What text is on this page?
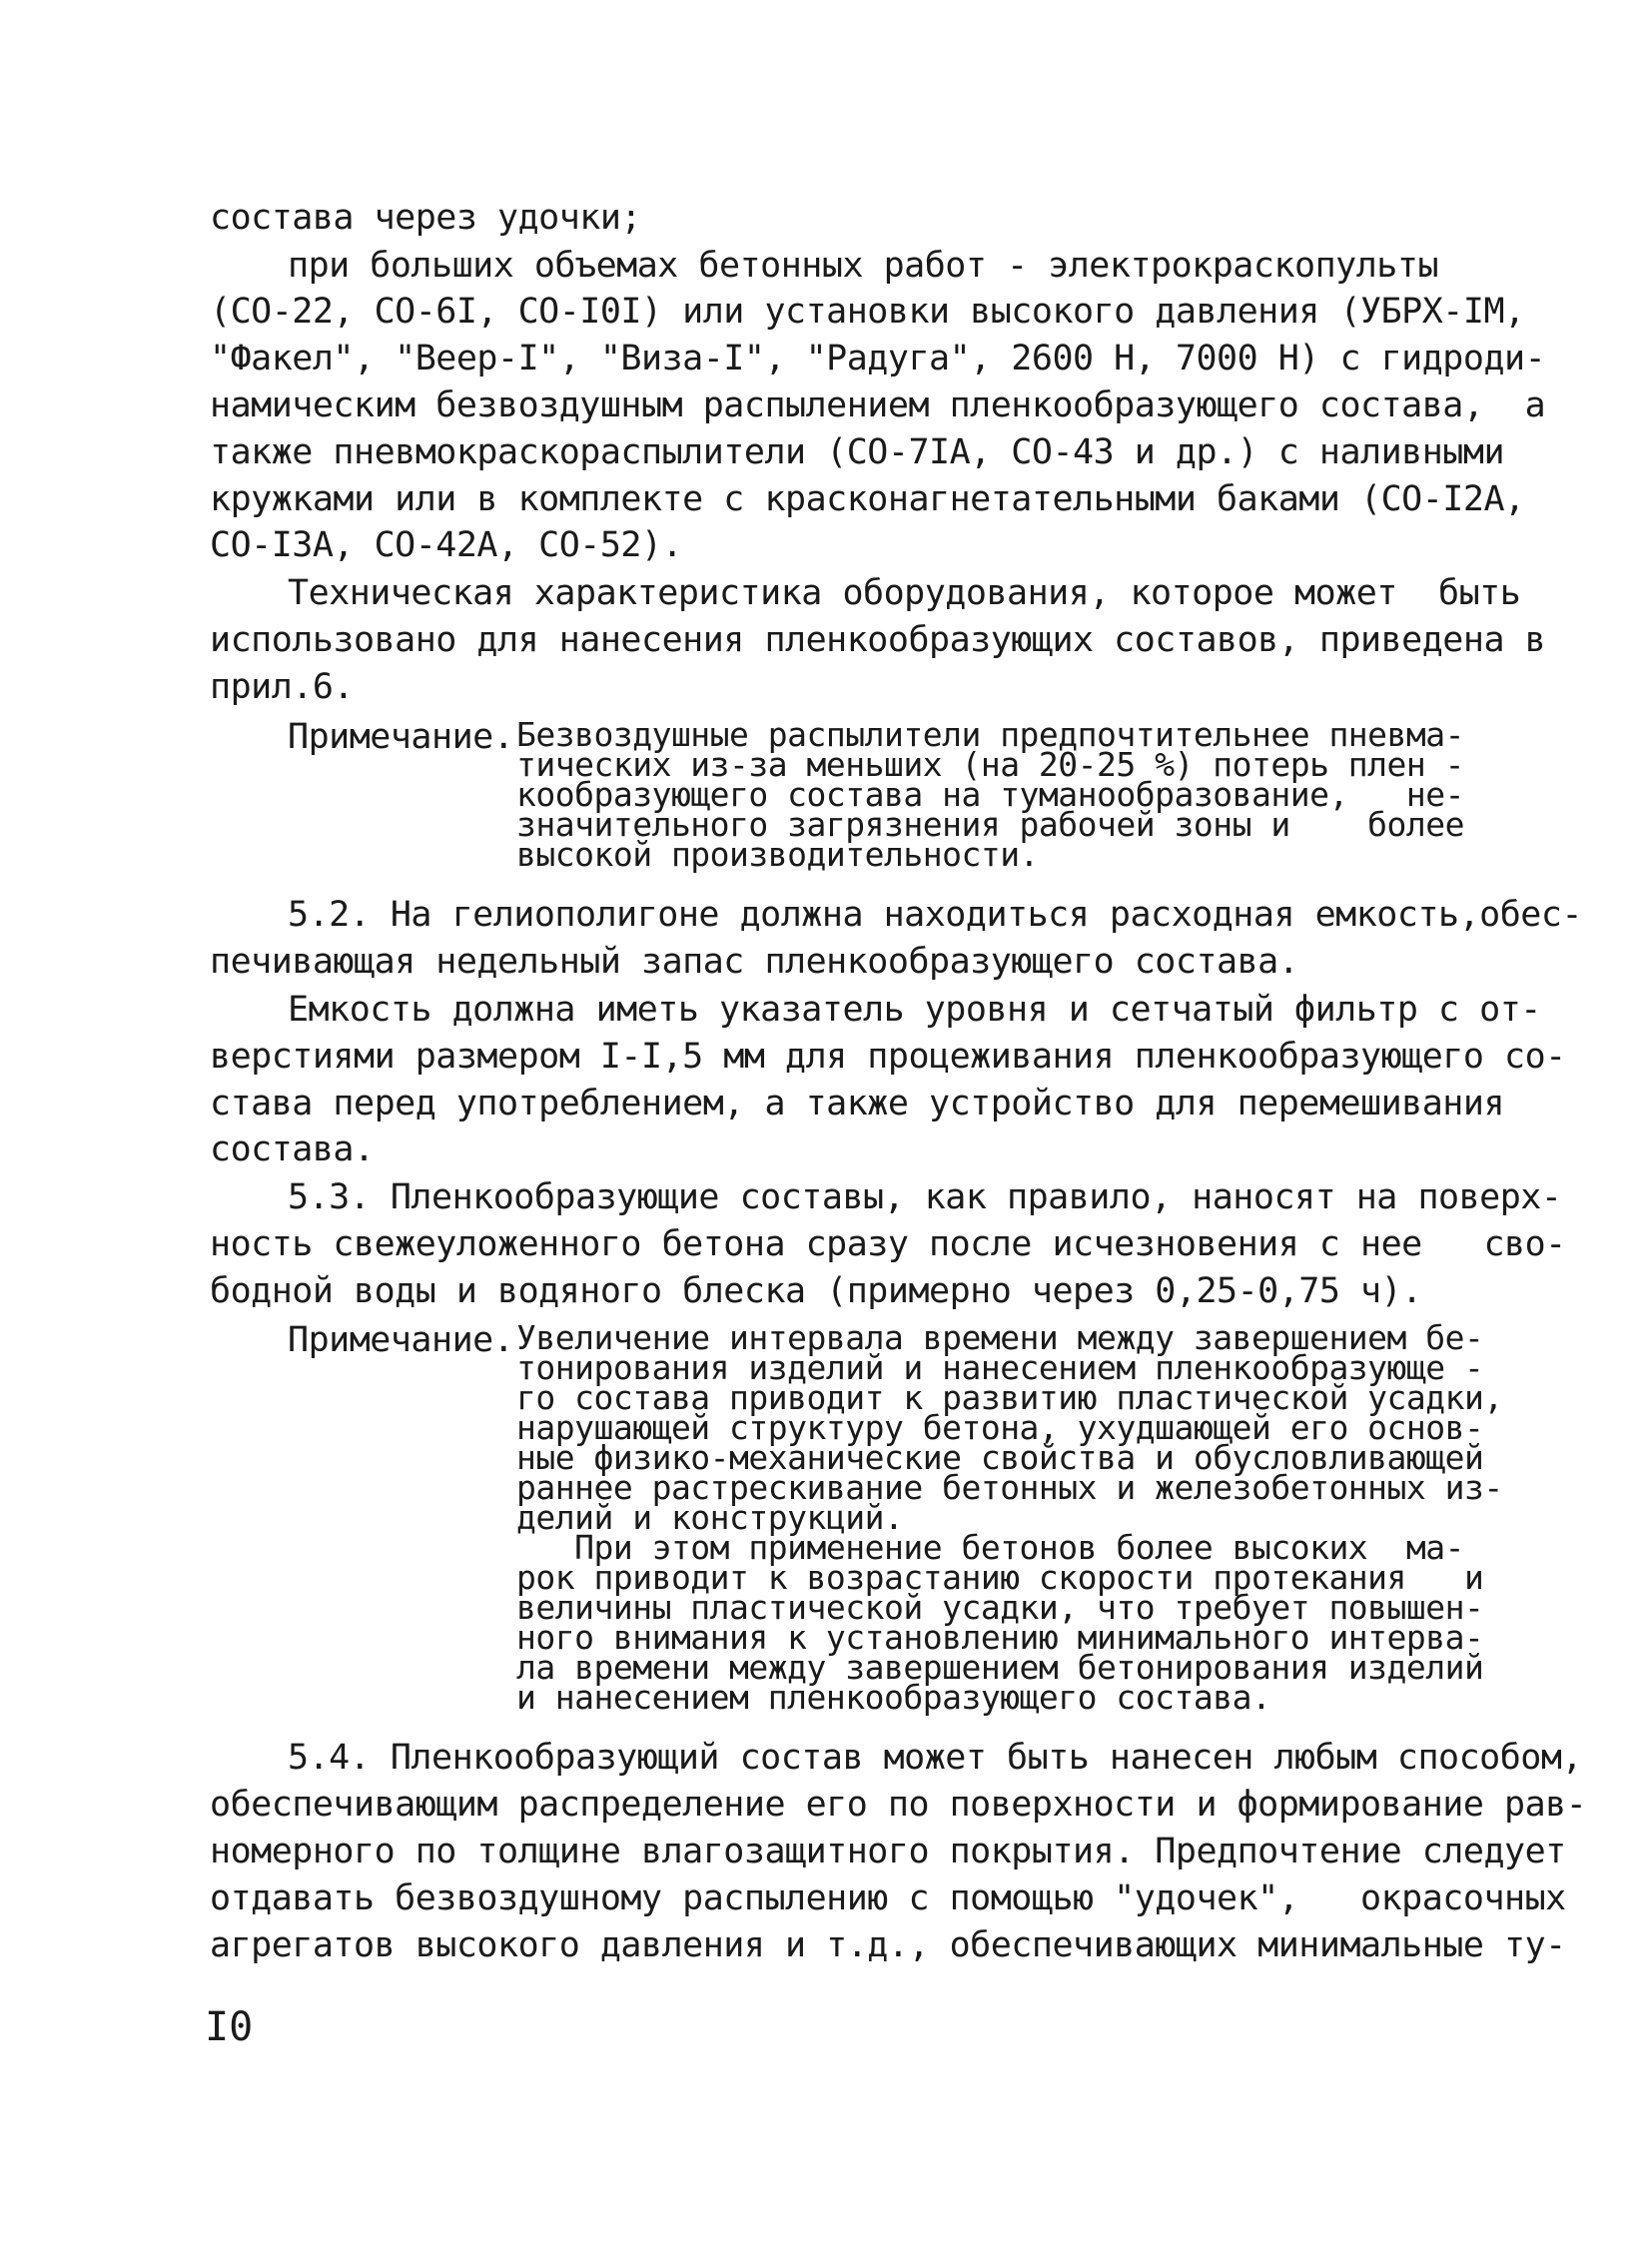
состава через удочки;
при больших объемах бетонных работ - электрокраскопульты
(СО-22, СО-6I, СО-I0I) или установки высокого давления (УБРХ-IМ,
"Факел", "Веер-I", "Виза-I", "Радуга", 2600 Н, 7000 Н) с гидроди-
намическим безвоздушным распылением пленкообразующего состава,  а
также пневмокраскораспылители (СО-7IА, СО-43 и др.) с наливными
кружками или в комплекте с красконагнетательными баками (СО-I2А,
СО-I3А, СО-42А, СО-52).
Техническая характеристика оборудования, которое может  быть
использовано для нанесения пленкообразующих составов, приведена в
прил.6.
Примечание. Безвоздушные распылители предпочтительнее пневма-
тических из-за меньших (на 20-25 %) потерь плен -
кообразующего состава на туманообразование,   не-
значительного загрязнения рабочей зоны и    более
высокой производительности.
5.2. На гелиополигоне должна находиться расходная емкость,обес-
печивающая недельный запас пленкообразующего состава.
Емкость должна иметь указатель уровня и сетчатый фильтр с от-
верстиями размером I-I,5 мм для процеживания пленкообразующего со-
става перед употреблением, а также устройство для перемешивания
состава.
5.3. Пленкообразующие составы, как правило, наносят на поверх-
ность свежеуложенного бетона сразу после исчезновения с нее   сво-
бодной воды и водяного блеска (примерно через 0,25-0,75 ч).
Примечание. Увеличение интервала времени между завершением бе-
тонирования изделий и нанесением пленкообразующе -
го состава приводит к развитию пластической усадки,
нарушающей структуру бетона, ухудшающей его основ-
ные физико-механические свойства и обусловливающей
раннее растрескивание бетонных и железобетонных из-
делий и конструкций.
При этом применение бетонов более высоких  ма-
рок приводит к возрастанию скорости протекания   и
величины пластической усадки, что требует повышен-
ного внимания к установлению минимального интерва-
ла времени между завершением бетонирования изделий
и нанесением пленкообразующего состава.
5.4. Пленкообразующий состав может быть нанесен любым способом,
обеспечивающим распределение его по поверхности и формирование рав-
номерного по толщине влагозащитного покрытия. Предпочтение следует
отдавать безвоздушному распылению с помощью "удочек",   окрасочных
агрегатов высокого давления и т.д., обеспечивающих минимальные ту-
I0
